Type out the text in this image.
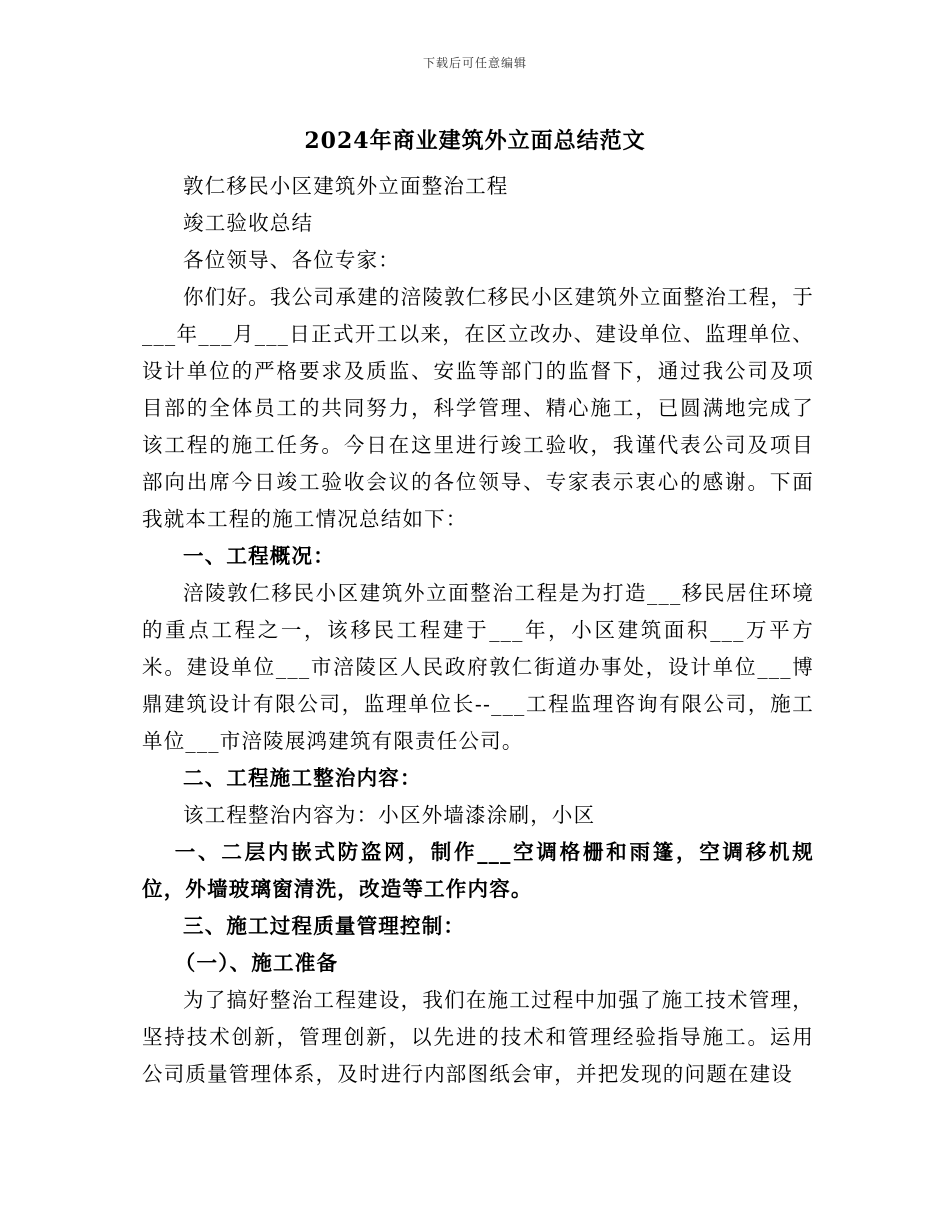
下载后可任意编辑
2024年商业建筑外立面总结范文

敦仁移民小区建筑外立面整治工程

竣工验收总结

各位领导、各位专家：

你们好。我公司承建的涪陵敦仁移民小区建筑外立面整治工程，于___年___月___日正式开工以来，在区立改办、建设单位、监理单位、设计单位的严格要求及质监、安监等部门的监督下，通过我公司及项目部的全体员工的共同努力，科学管理、精心施工，已圆满地完成了该工程的施工任务。今日在这里进行竣工验收，我谨代表公司及项目部向出席今日竣工验收会议的各位领导、专家表示衷心的感谢。下面我就本工程的施工情况总结如下：

一、工程概况：

涪陵敦仁移民小区建筑外立面整治工程是为打造___移民居住环境的重点工程之一，该移民工程建于___年，小区建筑面积___万平方米。建设单位___市涪陵区人民政府敦仁街道办事处，设计单位___博鼎建筑设计有限公司，监理单位长--___工程监理咨询有限公司，施工单位___市涪陵展鸿建筑有限责任公司。

二、工程施工整治内容：

该工程整治内容为：小区外墙漆涂刷，小区

一、二层内嵌式防盗网，制作___空调格栅和雨篷，空调移机规位，外墙玻璃窗清洗，改造等工作内容。

三、施工过程质量管理控制：

（一）、施工准备

为了搞好整治工程建设，我们在施工过程中加强了施工技术管理，坚持技术创新，管理创新，以先进的技术和管理经验指导施工。运用公司质量管理体系，及时进行内部图纸会审，并把发现的问题在建设
